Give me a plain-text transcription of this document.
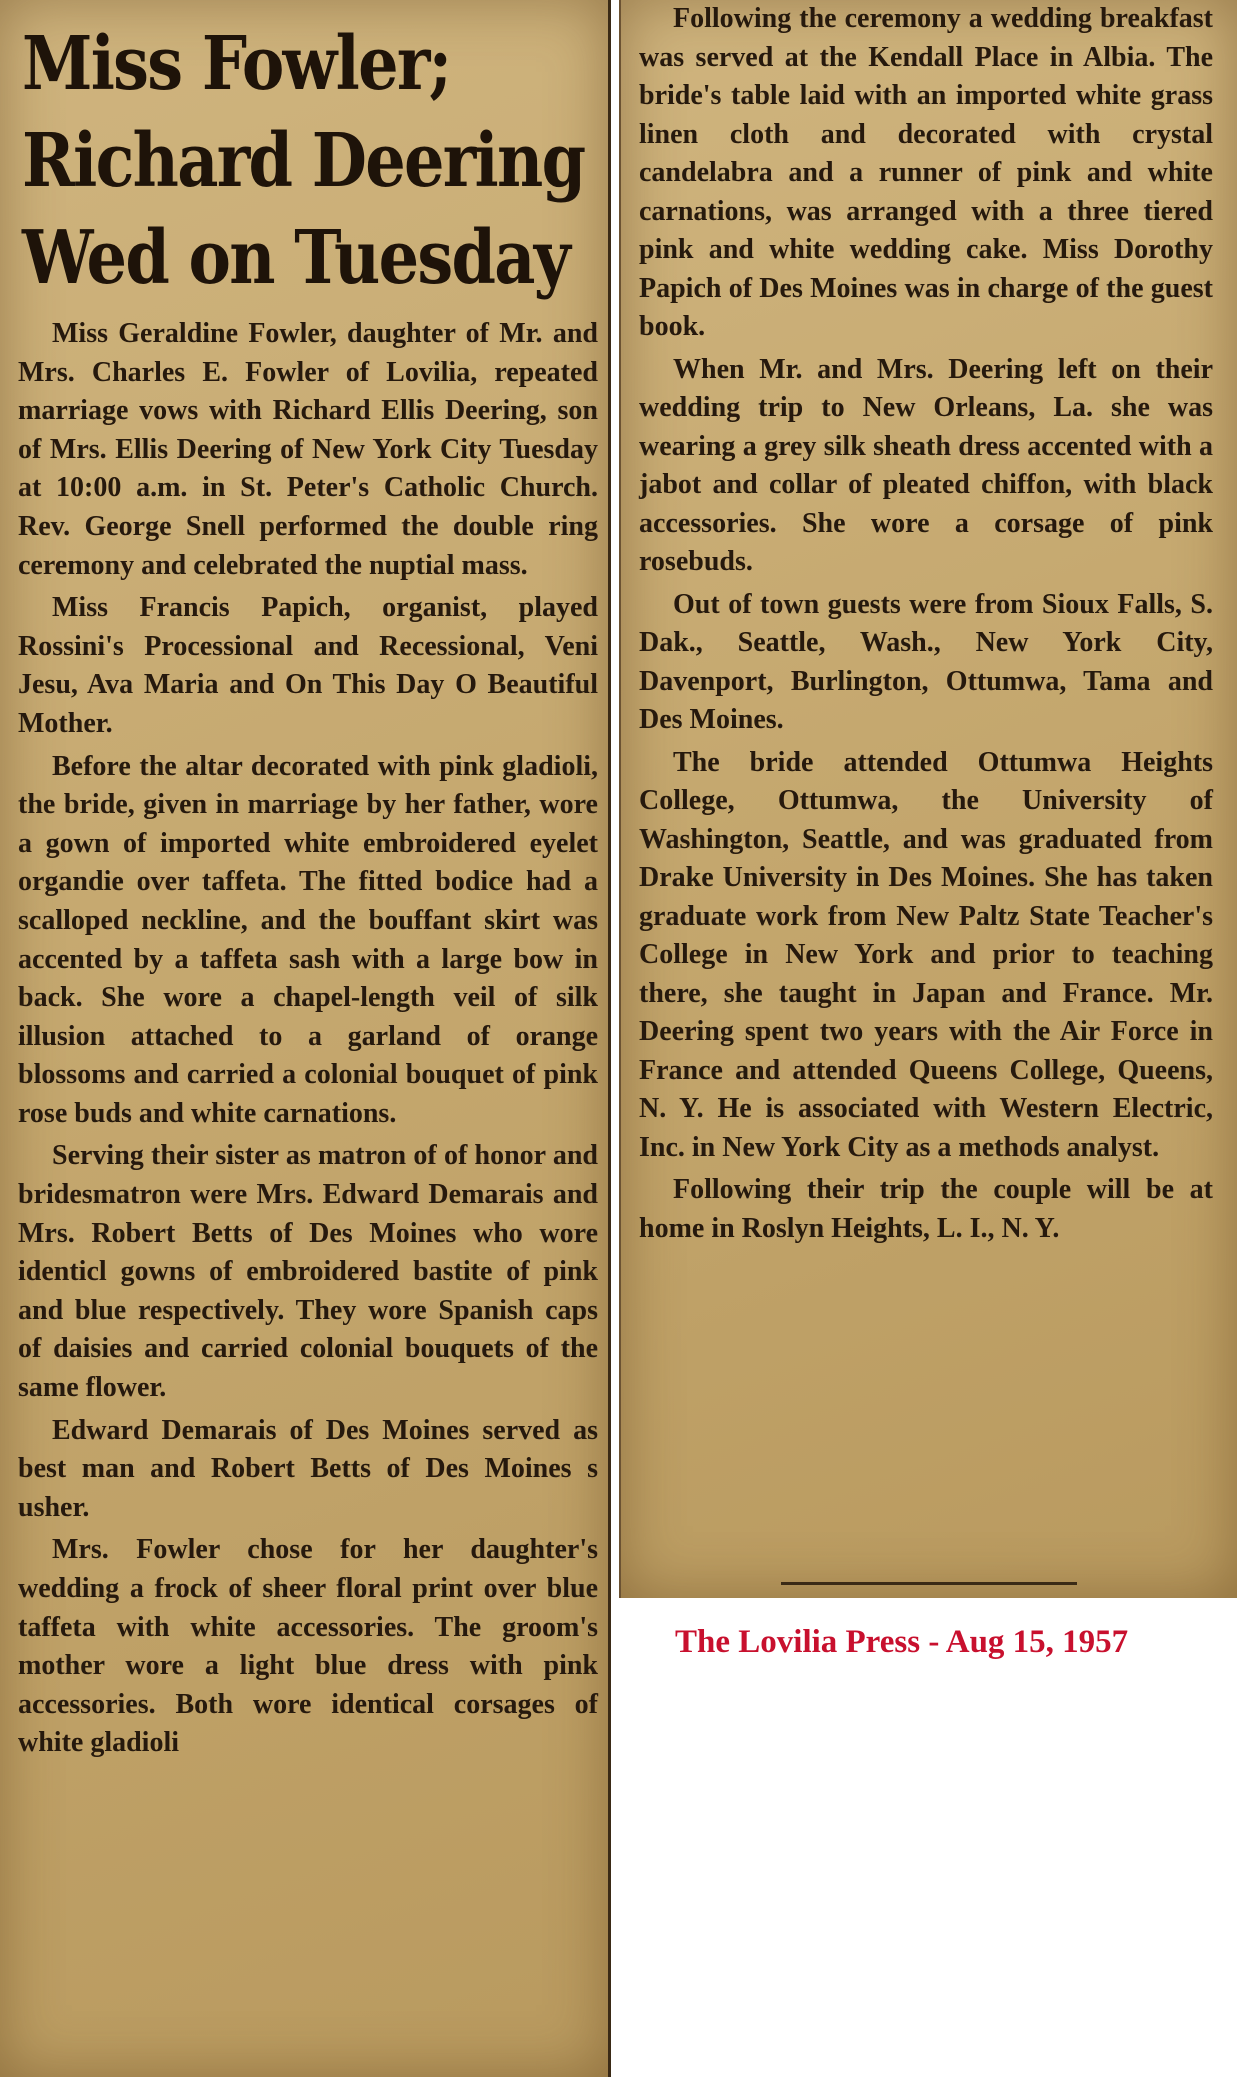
Miss Fowler;
Richard Deering
Wed on Tuesday

Miss Geraldine Fowler, daughter of Mr. and Mrs. Charles E. Fowler of Lovilia, repeated marriage vows with Richard Ellis Deering, son of Mrs. Ellis Deering of New York City Tuesday at 10:00 a.m. in St. Peter's Catholic Church. Rev. George Snell performed the double ring ceremony and celebrated the nuptial mass.

Miss Francis Papich, organist, played Rossini's Processional and Recessional, Veni Jesu, Ava Maria and On This Day O Beautiful Mother.

Before the altar decorated with pink gladioli, the bride, given in marriage by her father, wore a gown of imported white embroidered eyelet organdie over taffeta. The fitted bodice had a scalloped neckline, and the bouffant skirt was accented by a taffeta sash with a large bow in back. She wore a chapel-length veil of silk illusion attached to a garland of orange blossoms and carried a colonial bouquet of pink rose buds and white carnations.

Serving their sister as matron of of honor and bridesmatron were Mrs. Edward Demarais and Mrs. Robert Betts of Des Moines who wore identicl gowns of embroidered bastite of pink and blue respectively. They wore Spanish caps of daisies and carried colonial bouquets of the same flower.

Edward Demarais of Des Moines served as best man and Robert Betts of Des Moines s usher.

Mrs. Fowler chose for her daughter's wedding a frock of sheer floral print over blue taffeta with white accessories. The groom's mother wore a light blue dress with pink accessories. Both wore identical corsages of white gladioli

Following the ceremony a wedding breakfast was served at the Kendall Place in Albia. The bride's table laid with an imported white grass linen cloth and decorated with crystal candelabra and a runner of pink and white carnations, was arranged with a three tiered pink and white wedding cake. Miss Dorothy Papich of Des Moines was in charge of the guest book.

When Mr. and Mrs. Deering left on their wedding trip to New Orleans, La. she was wearing a grey silk sheath dress accented with a jabot and collar of pleated chiffon, with black accessories. She wore a corsage of pink rosebuds.

Out of town guests were from Sioux Falls, S. Dak., Seattle, Wash., New York City, Davenport, Burlington, Ottumwa, Tama and Des Moines.

The bride attended Ottumwa Heights College, Ottumwa, the University of Washington, Seattle, and was graduated from Drake University in Des Moines. She has taken graduate work from New Paltz State Teacher's College in New York and prior to teaching there, she taught in Japan and France. Mr. Deering spent two years with the Air Force in France and attended Queens College, Queens, N. Y. He is associated with Western Electric, Inc. in New York City as a methods analyst.

Following their trip the couple will be at home in Roslyn Heights, L. I., N. Y.

The Lovilia Press - Aug 15, 1957
